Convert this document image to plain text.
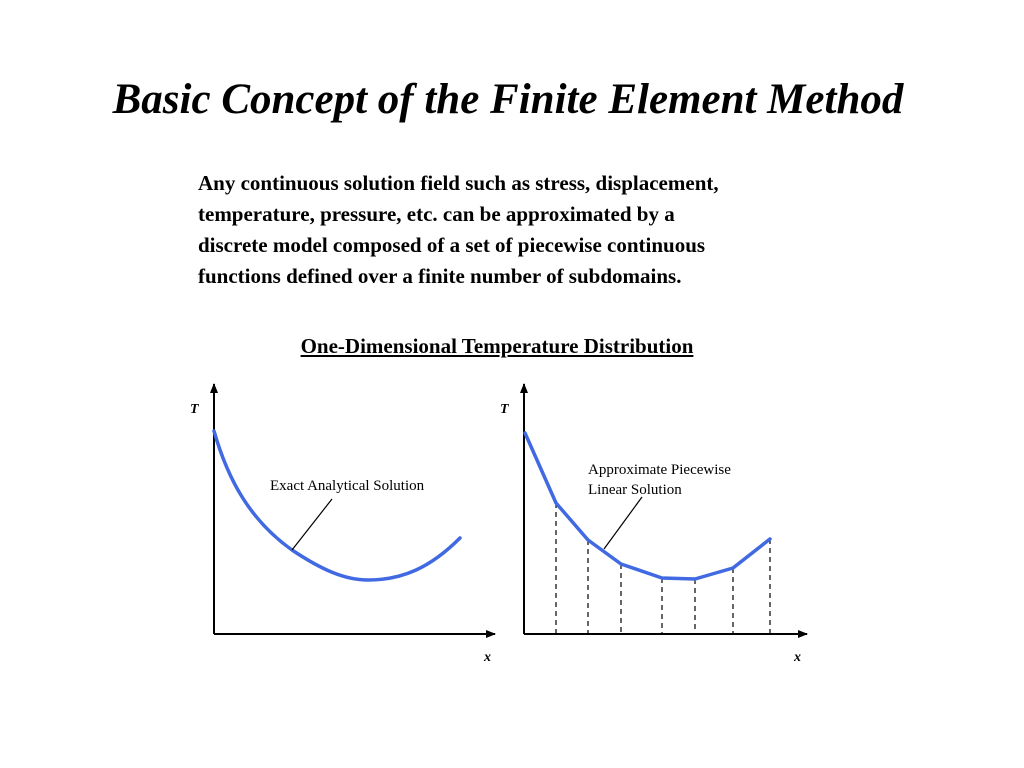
Basic Concept of the Finite Element Method
Any continuous solution field such as stress, displacement,
temperature, pressure, etc. can be approximated by a
discrete model composed of a set of piecewise continuous
functions defined over a finite number of subdomains.
One-Dimensional Temperature Distribution
T
x
Exact Analytical Solution
T
x
Approximate Piecewise Linear Solution
